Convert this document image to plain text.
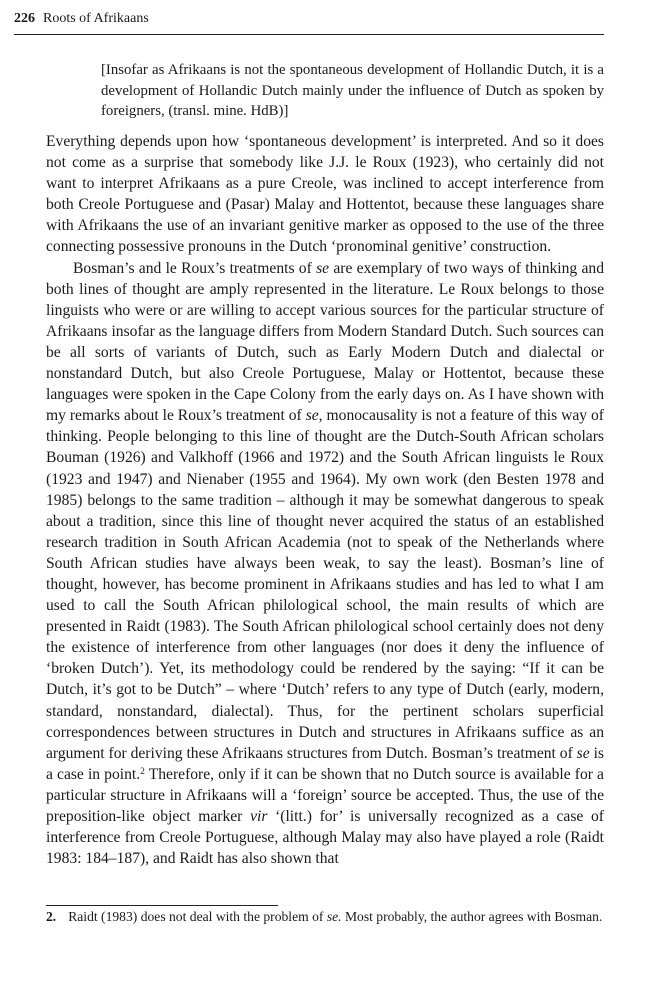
226 Roots of Afrikaans
[Insofar as Afrikaans is not the spontaneous development of Hollandic Dutch, it is a development of Hollandic Dutch mainly under the influence of Dutch as spoken by foreigners, (transl. mine. HdB)]

Everything depends upon how ‘spontaneous development’ is interpreted. And so it does not come as a surprise that somebody like J.J. le Roux (1923), who certainly did not want to interpret Afrikaans as a pure Creole, was inclined to accept interference from both Creole Portuguese and (Pasar) Malay and Hottentot, because these languages share with Afrikaans the use of an invariant genitive marker as opposed to the use of the three connecting possessive pronouns in the Dutch ‘pronominal genitive’ construction.

Bosman’s and le Roux’s treatments of se are exemplary of two ways of thinking and both lines of thought are amply represented in the literature. Le Roux belongs to those linguists who were or are willing to accept various sources for the particular structure of Afrikaans insofar as the language differs from Modern Standard Dutch. Such sources can be all sorts of variants of Dutch, such as Early Modern Dutch and dialectal or nonstandard Dutch, but also Creole Portuguese, Malay or Hottentot, because these languages were spoken in the Cape Colony from the early days on. As I have shown with my remarks about le Roux’s treatment of se, monocausality is not a feature of this way of thinking. People belonging to this line of thought are the Dutch-South African scholars Bouman (1926) and Valkhoff (1966 and 1972) and the South African linguists le Roux (1923 and 1947) and Nienaber (1955 and 1964). My own work (den Besten 1978 and 1985) belongs to the same tradition – although it may be somewhat dangerous to speak about a tradition, since this line of thought never acquired the status of an established research tradition in South African Academia (not to speak of the Netherlands where South African studies have always been weak, to say the least). Bosman’s line of thought, however, has become prominent in Afrikaans studies and has led to what I am used to call the South African philological school, the main results of which are presented in Raidt (1983). The South African philological school certainly does not deny the existence of interference from other languages (nor does it deny the influence of ‘broken Dutch’). Yet, its methodology could be rendered by the saying: “If it can be Dutch, it’s got to be Dutch” – where ‘Dutch’ refers to any type of Dutch (early, modern, standard, nonstandard, dialectal). Thus, for the pertinent scholars superficial correspondences between structures in Dutch and structures in Afrikaans suffice as an argument for deriving these Afrikaans structures from Dutch. Bosman’s treatment of se is a case in point.$^2$ Therefore, only if it can be shown that no Dutch source is available for a particular structure in Afrikaans will a ‘foreign’ source be accepted. Thus, the use of the preposition-like object marker vir ‘(litt.) for’ is universally recognized as a case of interference from Creole Portuguese, although Malay may also have played a role (Raidt 1983: 184–187), and Raidt has also shown that

2. Raidt (1983) does not deal with the problem of se. Most probably, the author agrees with Bosman.
